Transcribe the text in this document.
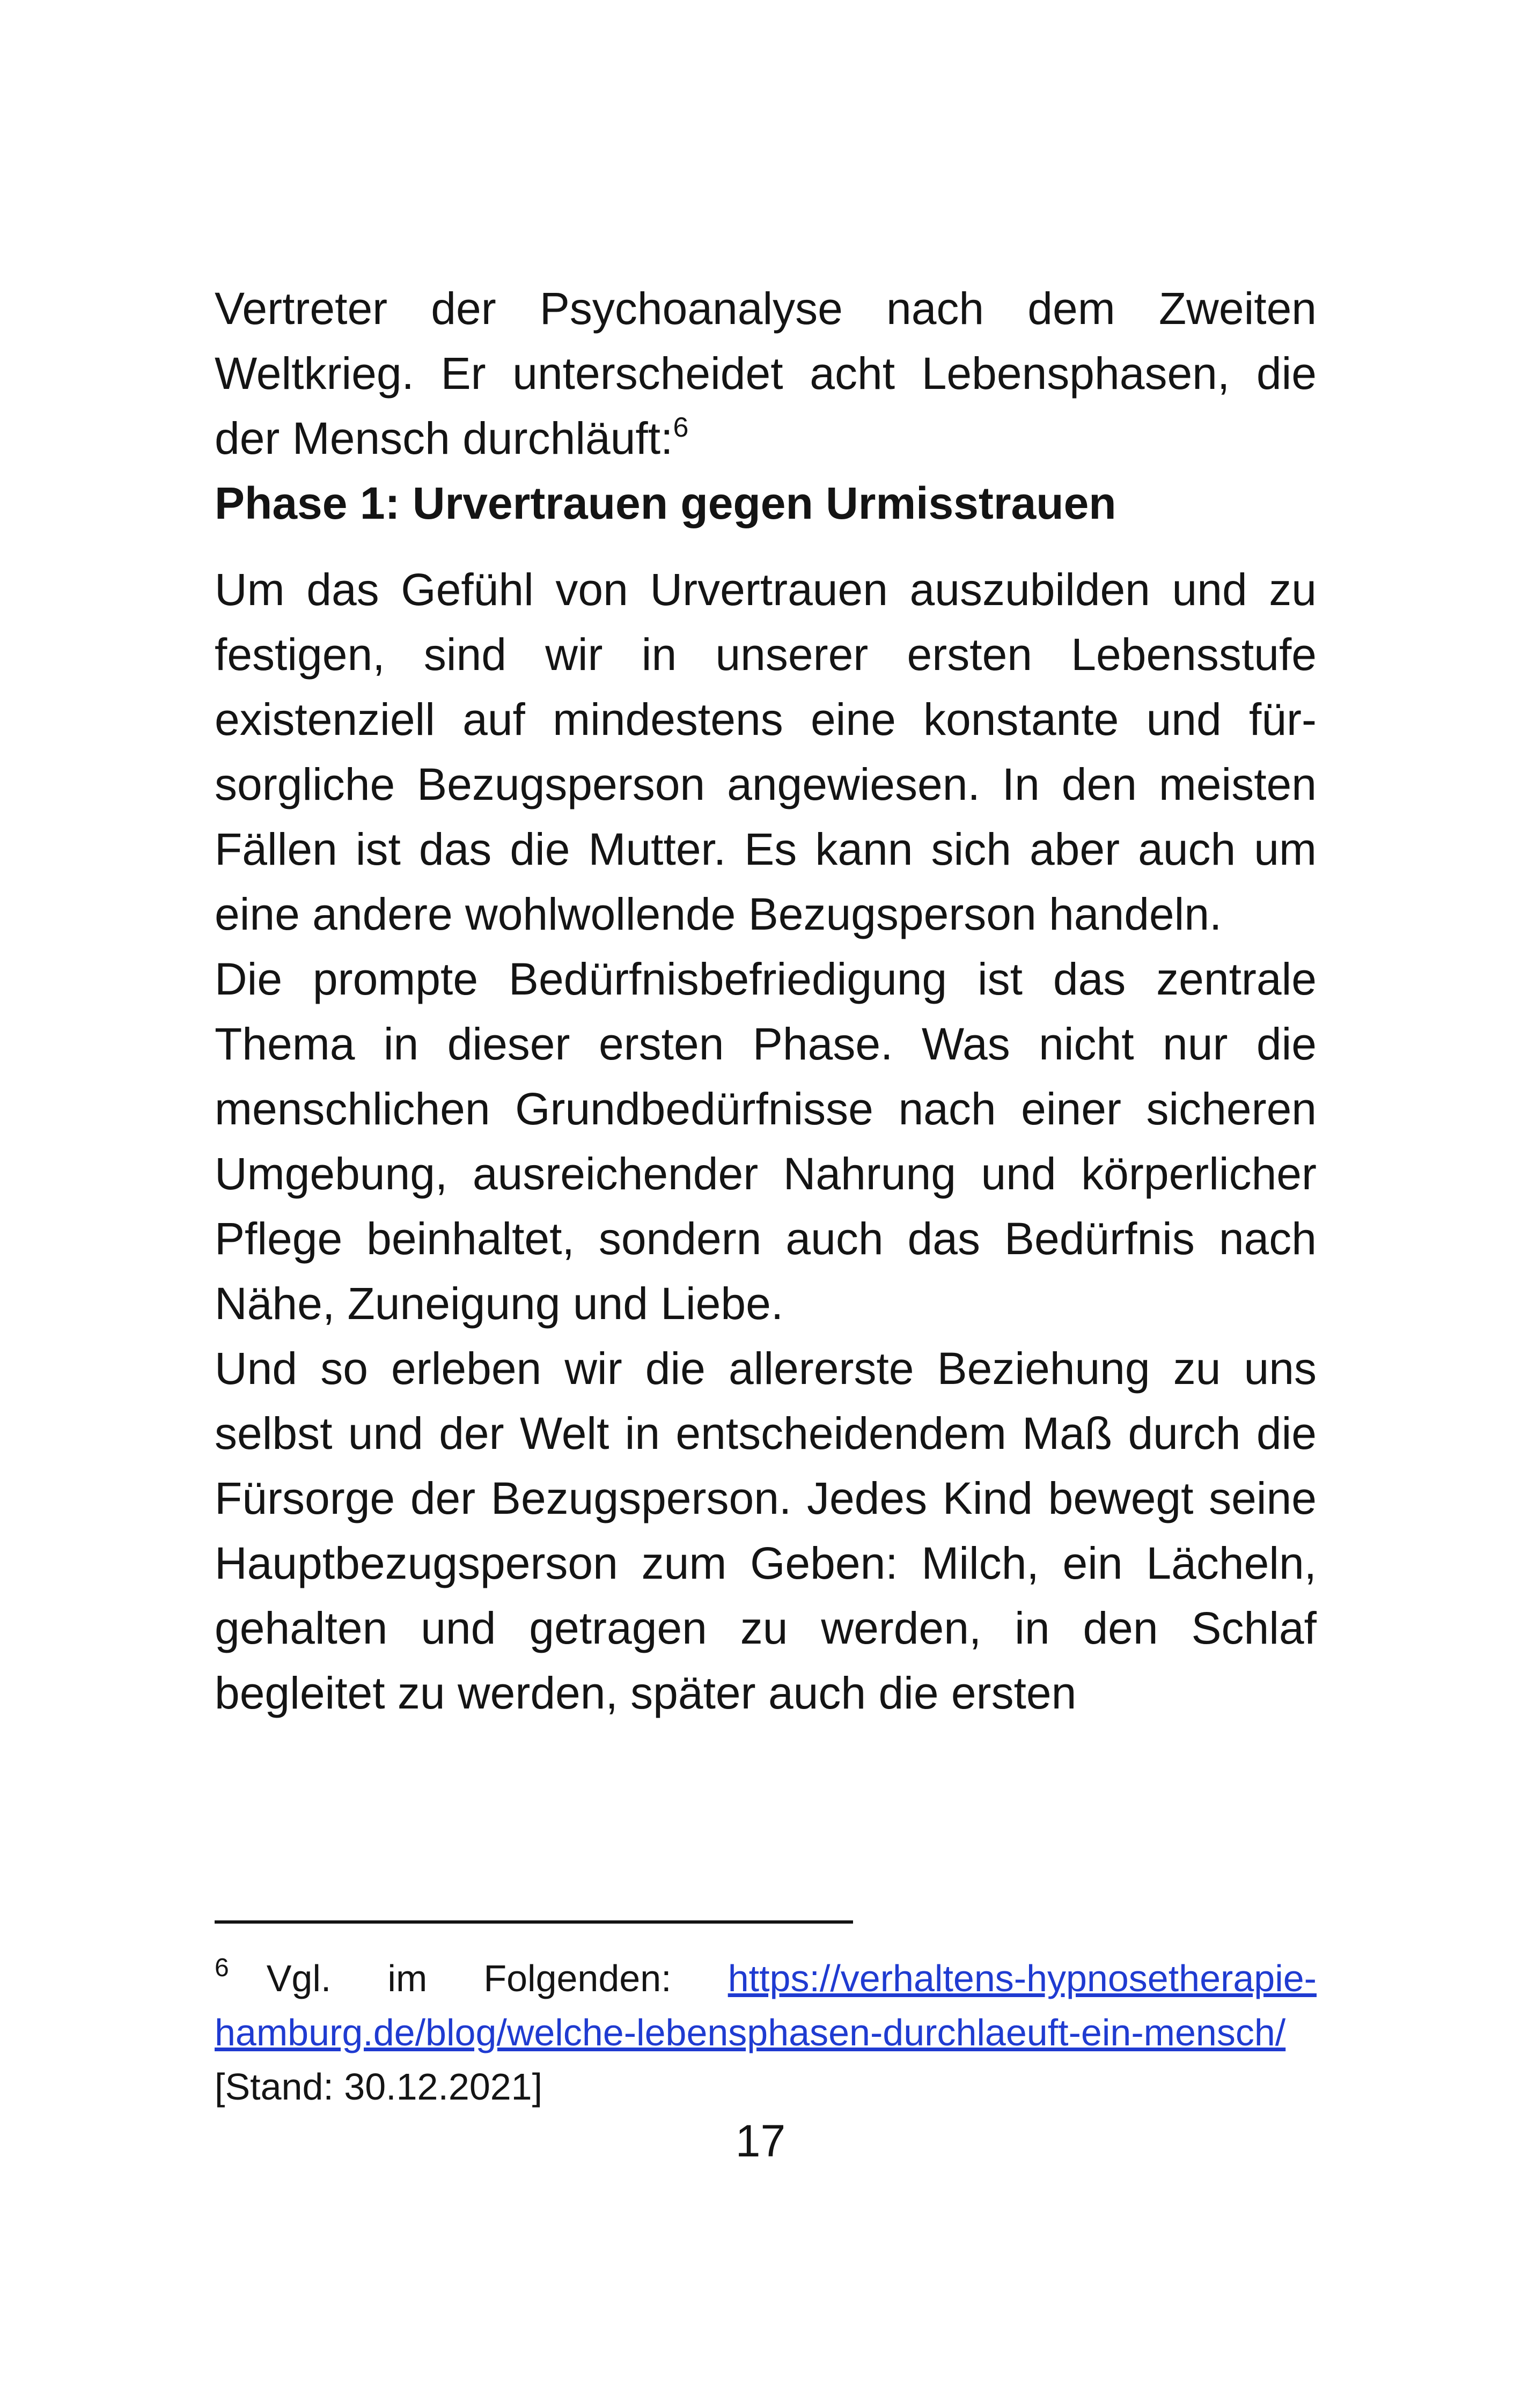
Vertreter der Psychoanalyse nach dem Zweiten Weltkrieg. Er unterscheidet acht Lebensphasen, die der Mensch durchläuft:$^6$

Phase 1: Urvertrauen gegen Urmisstrauen

Um das Gefühl von Urvertrauen auszubilden und zu festigen, sind wir in unserer ersten Lebensstufe existenziell auf mindestens eine konstante und fürsorgliche Bezugsperson angewiesen. In den meisten Fällen ist das die Mutter. Es kann sich aber auch um eine andere wohlwollende Bezugsperson handeln.

Die prompte Bedürfnisbefriedigung ist das zentrale Thema in dieser ersten Phase. Was nicht nur die menschlichen Grundbedürfnisse nach einer sicheren Umgebung, ausreichender Nahrung und körperlicher Pflege beinhaltet, sondern auch das Bedürfnis nach Nähe, Zuneigung und Liebe.

Und so erleben wir die allererste Beziehung zu uns selbst und der Welt in entscheidendem Maß durch die Fürsorge der Bezugsperson. Jedes Kind bewegt seine Hauptbezugsperson zum Geben: Milch, ein Lächeln, gehalten und getragen zu werden, in den Schlaf begleitet zu werden, später auch die ersten

6 Vgl. im Folgenden: https://verhaltens-hypnosetherapie-hamburg.de/blog/welche-lebensphasen-durchlaeuft-ein-mensch/ [Stand: 30.12.2021]
17
